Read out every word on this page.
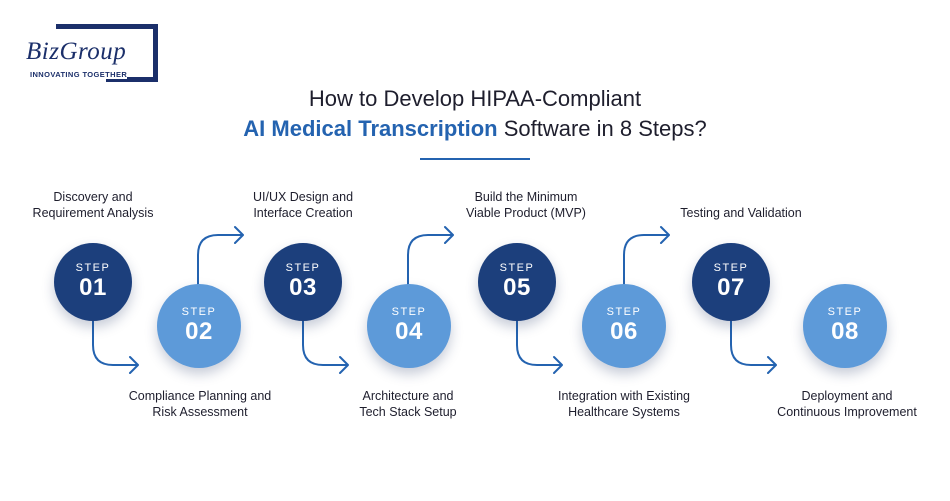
BizGroup
INNOVATING TOGETHER
How to Develop HIPAA-Compliant
AI Medical Transcription Software in 8 Steps?
STEP
01
STEP
02
STEP
03
STEP
04
STEP
05
STEP
06
STEP
07
STEP
08
Discovery and
Requirement Analysis
UI/UX Design and
Interface Creation
Build the Minimum
Viable Product (MVP)	Testing and Validation
Compliance Planning and
Risk Assessment
Architecture and
Tech Stack Setup
Integration with Existing
Healthcare Systems
Deployment and
Continuous Improvement
